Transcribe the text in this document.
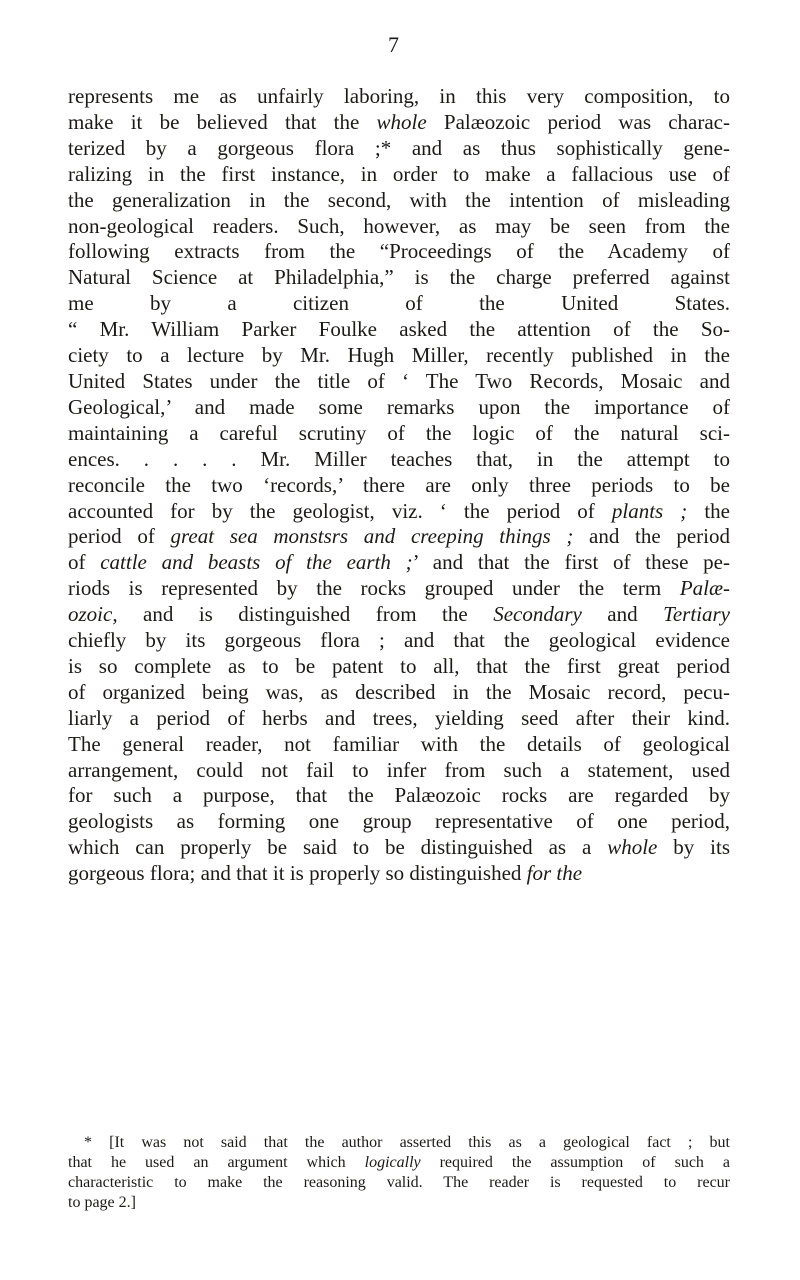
7
represents me as unfairly laboring, in this very composition, to
make it be believed that the whole Palæozoic period was charac-
terized by a gorgeous flora ;* and as thus sophistically gene-
ralizing in the first instance, in order to make a fallacious use of
the generalization in the second, with the intention of misleading
non-geological readers. Such, however, as may be seen from the
following extracts from the “Proceedings of the Academy of
Natural Science at Philadelphia,” is the charge preferred against
me by a citizen of the United States.
“ Mr. William Parker Foulke asked the attention of the So-
ciety to a lecture by Mr. Hugh Miller, recently published in the
United States under the title of ‘ The Two Records, Mosaic and
Geological,’ and made some remarks upon the importance of
maintaining a careful scrutiny of the logic of the natural sci-
ences. . . . . Mr. Miller teaches that, in the attempt to
reconcile the two ‘records,’ there are only three periods to be
accounted for by the geologist, viz. ‘ the period of plants ; the
period of great sea monstsrs and creeping things ; and the period
of cattle and beasts of the earth ;’ and that the first of these pe-
riods is represented by the rocks grouped under the term Palæ-
ozoic, and is distinguished from the Secondary and Tertiary
chiefly by its gorgeous flora ; and that the geological evidence
is so complete as to be patent to all, that the first great period
of organized being was, as described in the Mosaic record, pecu-
liarly a period of herbs and trees, yielding seed after their kind.
The general reader, not familiar with the details of geological
arrangement, could not fail to infer from such a statement, used
for such a purpose, that the Palæozoic rocks are regarded by
geologists as forming one group representative of one period,
which can properly be said to be distinguished as a whole by its
gorgeous flora; and that it is properly so distinguished for the
* [It was not said that the author asserted this as a geological fact ; but
that he used an argument which logically required the assumption of such a
characteristic to make the reasoning valid. The reader is requested to recur
to page 2.]
